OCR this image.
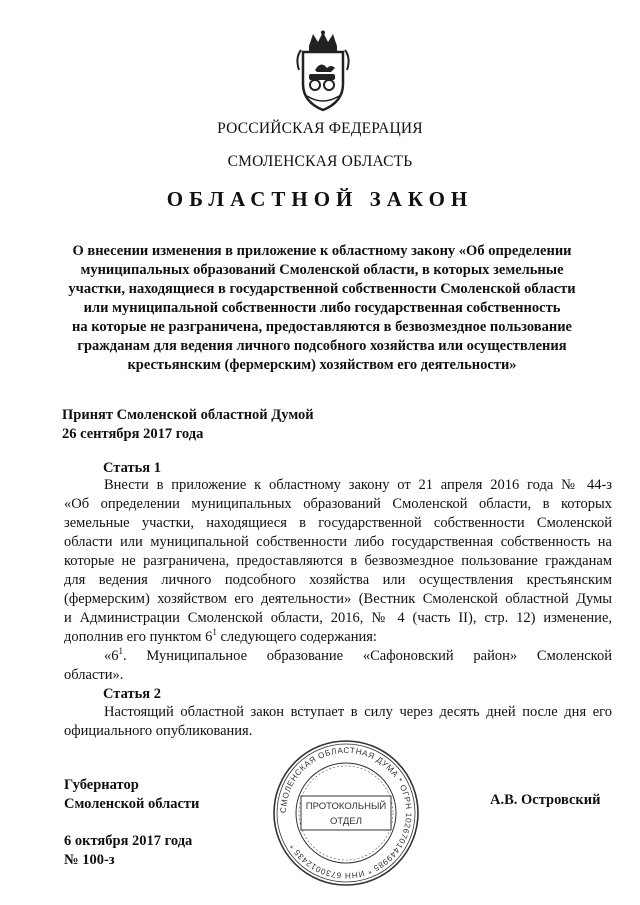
РОССИЙСКАЯ ФЕДЕРАЦИЯ
СМОЛЕНСКАЯ ОБЛАСТЬ
ОБЛАСТНОЙ ЗАКОН
О внесении изменения в приложение к областному закону «Об определении
муниципальных образований Смоленской области, в которых земельные
участки, находящиеся в государственной собственности Смоленской области
или муниципальной собственности либо государственная собственность
на которые не разграничена, предоставляются в безвозмездное пользование
гражданам для ведения личного подсобного хозяйства или осуществления
крестьянским (фермерским) хозяйством его деятельности»
Принят Смоленской областной Думой
26 сентября 2017 года
Статья 1
Внести в приложение к областному закону от 21 апреля 2016 года № 44-з
«Об определении муниципальных образований Смоленской области, в которых
земельные участки, находящиеся в государственной собственности Смоленской
области или муниципальной собственности либо государственная собственность на
которые не разграничена, предоставляются в безвозмездное пользование гражданам
для ведения личного подсобного хозяйства или осуществления крестьянским
(фермерским) хозяйством его деятельности» (Вестник Смоленской областной Думы
и Администрации Смоленской области, 2016, № 4 (часть II), стр. 12) изменение,
дополнив его пунктом $6^1$ следующего содержания:
«$6^1$. Муниципальное образование «Сафоновский район» Смоленской
области».
Статья 2
Настоящий областной закон вступает в силу через десять дней после дня его
официального опубликования.
СМОЛЕНСКАЯ ОБЛАСТНАЯ ДУМА * ОГРН 1026701449985 * ИНН 6730012435 *
ПРОТОКОЛЬНЫЙ
ОТДЕЛ
Губернатор
Смоленской области	А.В. Островский
6 октября 2017 года
№ 100-з
